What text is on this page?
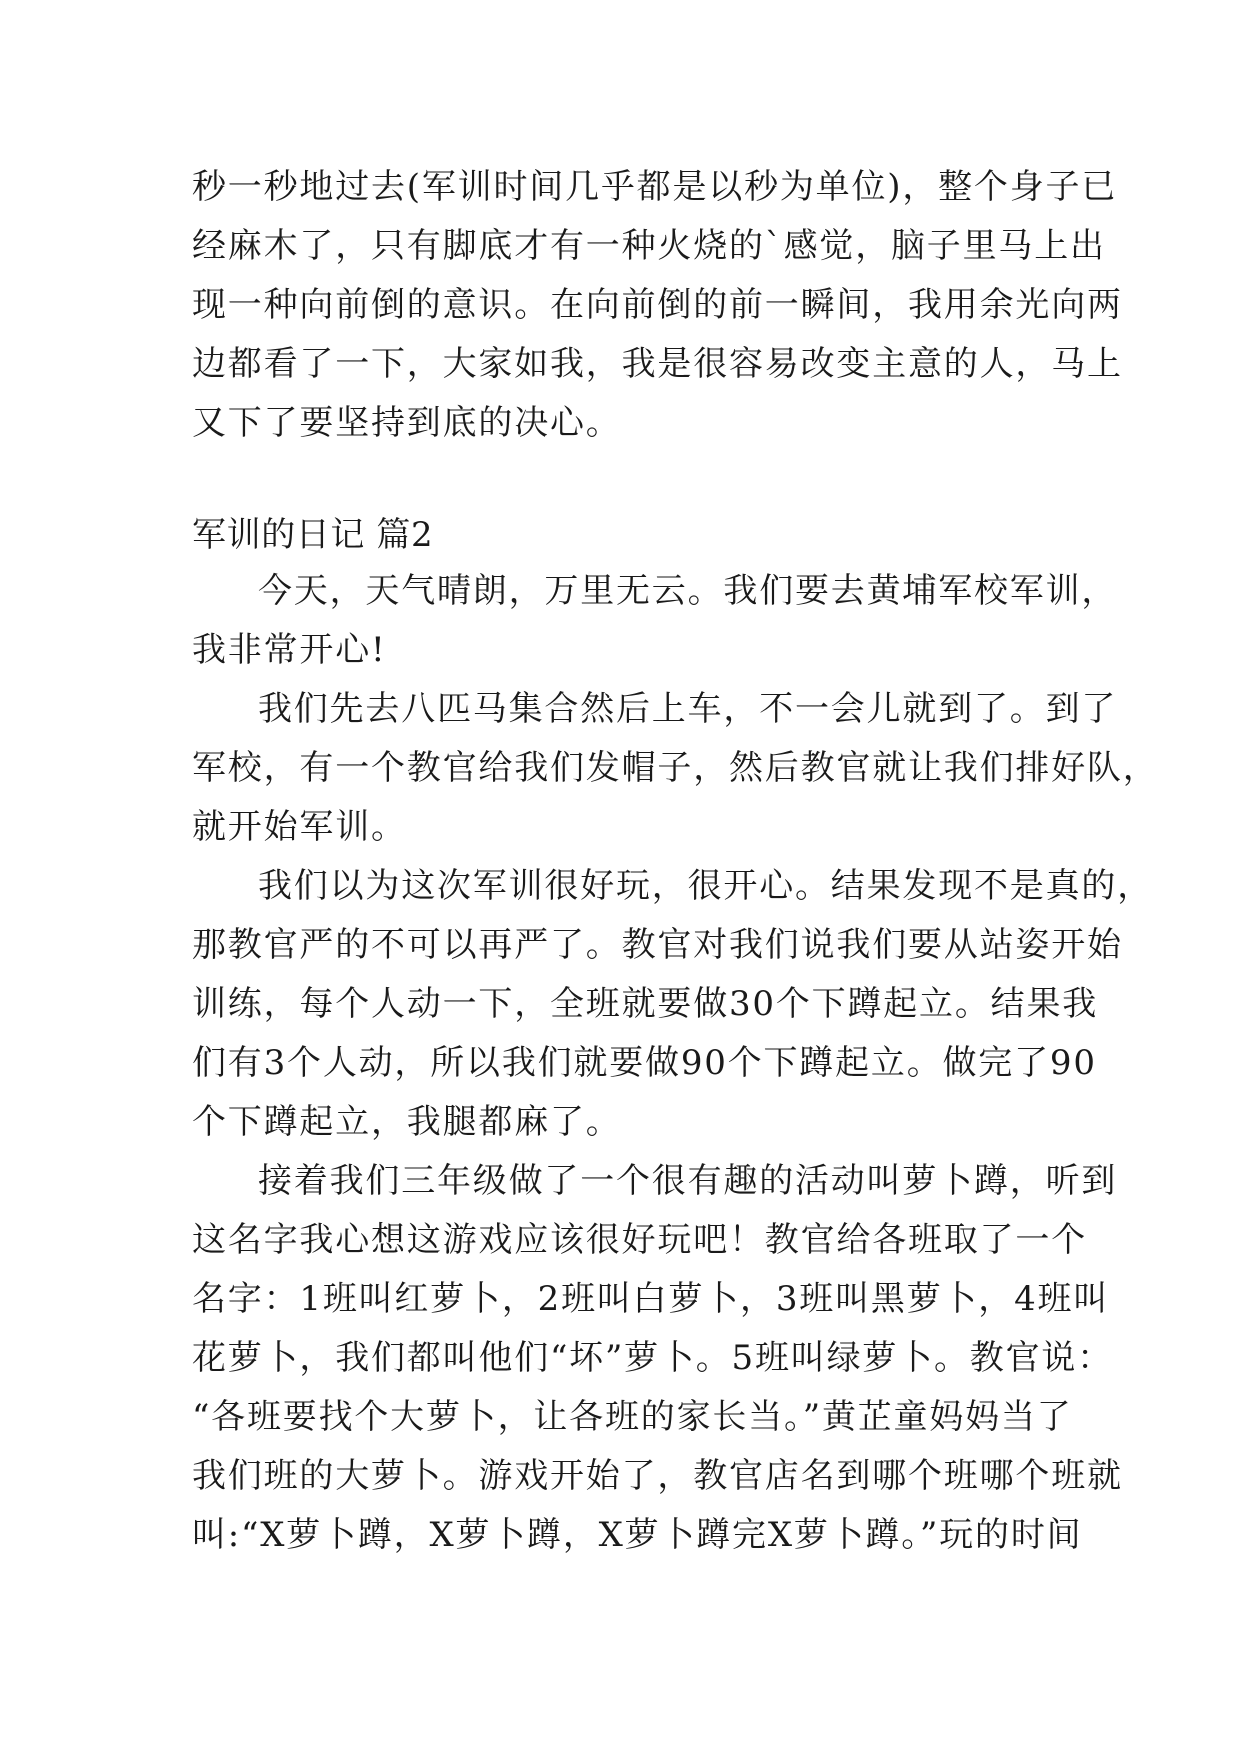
秒一秒地过去(军训时间几乎都是以秒为单位)，整个身子已
经麻木了，只有脚底才有一种火烧的`感觉，脑子里马上出
现一种向前倒的意识。在向前倒的前一瞬间，我用余光向两
边都看了一下，大家如我，我是很容易改变主意的人，马上
又下了要坚持到底的决心。
军训的日记 篇2
今天，天气晴朗，万里无云。我们要去黄埔军校军训，
我非常开心!
我们先去八匹马集合然后上车，不一会儿就到了。到了
军校，有一个教官给我们发帽子，然后教官就让我们排好队，
就开始军训。
我们以为这次军训很好玩，很开心。结果发现不是真的，
那教官严的不可以再严了。教官对我们说我们要从站姿开始
训练，每个人动一下，全班就要做30个下蹲起立。结果我
们有3个人动，所以我们就要做90个下蹲起立。做完了90
个下蹲起立，我腿都麻了。
接着我们三年级做了一个很有趣的活动叫萝卜蹲，听到
这名字我心想这游戏应该很好玩吧！教官给各班取了一个
名字：1班叫红萝卜，2班叫白萝卜，3班叫黑萝卜，4班叫
花萝卜，我们都叫他们“坏”萝卜。5班叫绿萝卜。教官说：
“各班要找个大萝卜，让各班的家长当。”黄芷童妈妈当了
我们班的大萝卜。游戏开始了，教官店名到哪个班哪个班就
叫:“X萝卜蹲，X萝卜蹲，X萝卜蹲完X萝卜蹲。”玩的时间
